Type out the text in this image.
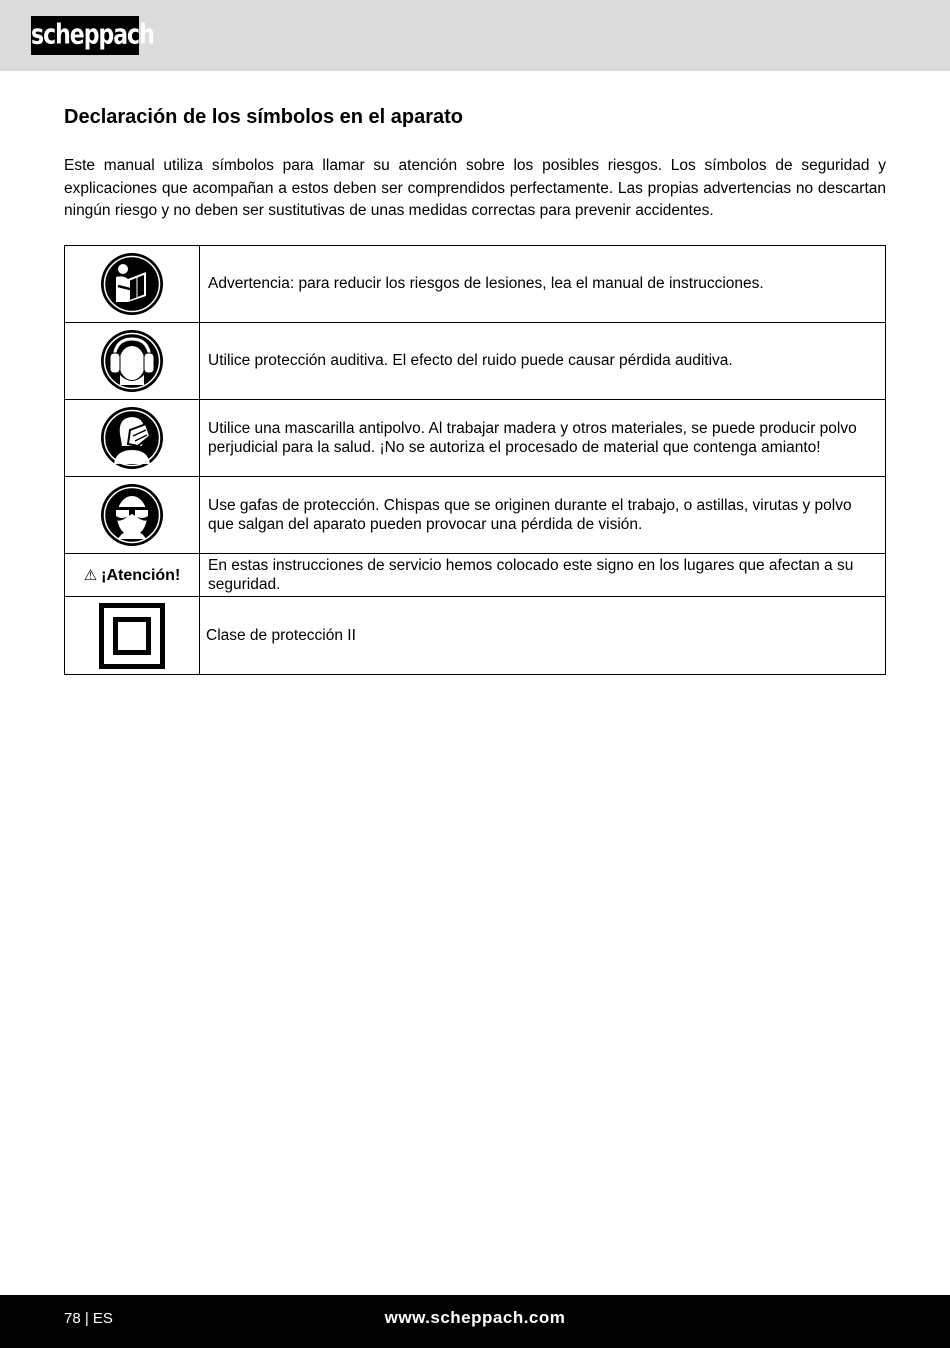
scheppach
Declaración de los símbolos en el aparato

Este manual utiliza símbolos para llamar su atención sobre los posibles riesgos. Los símbolos de seguridad y explicaciones que acompañan a estos deben ser comprendidos perfectamente. Las propias advertencias no descartan ningún riesgo y no deben ser sustitutivas de unas medidas correctas para prevenir accidentes.

	Advertencia: para reducir los riesgos de lesiones, lea el manual de instrucciones.

	Utilice protección auditiva. El efecto del ruido puede causar pérdida auditiva.

	Utilice una mascarilla antipolvo. Al trabajar madera y otros materiales, se puede producir polvo perjudicial para la salud. ¡No se autoriza el procesado de material que contenga amianto!

	Use gafas de protección. Chispas que se originen durante el trabajo, o astillas, virutas y polvo que salgan del aparato pueden provocar una pérdida de visión.
⚠ ¡Atención!	En estas instrucciones de servicio hemos colocado este signo en los lugares que afectan a su seguridad.

	Clase de protección II
78 | ES	www.scheppach.com
